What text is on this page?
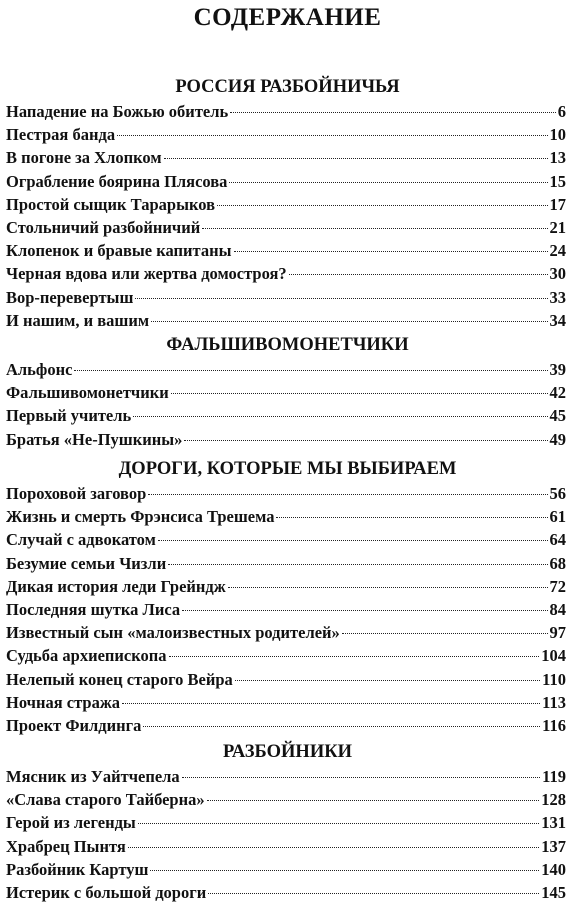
СОДЕРЖАНИЕ
РОССИЯ РАЗБОЙНИЧЬЯ
Нападение на Божью обитель	6
Пестрая банда	10
В погоне за Хлопком	13
Ограбление боярина Плясова	15
Простой сыщик Тарарыков	17
Стольничий разбойничий	21
Клопенок и бравые капитаны	24
Черная вдова или жертва домостроя?	30
Вор-перевертыш	33
И нашим, и вашим	34
ФАЛЬШИВОМОНЕТЧИКИ
Альфонс	39
Фальшивомонетчики	42
Первый учитель	45
Братья «Не-Пушкины»	49
ДОРОГИ, КОТОРЫЕ МЫ ВЫБИРАЕМ
Пороховой заговор	56
Жизнь и смерть Фрэнсиса Трешема	61
Случай с адвокатом	64
Безумие семьи Чизли	68
Дикая история леди Грейндж	72
Последняя шутка Лиса	84
Известный сын «малоизвестных родителей»	97
Судьба архиепископа	104
Нелепый конец старого Вейра	110
Ночная стража	113
Проект Филдинга	116
РАЗБОЙНИКИ
Мясник из Уайтчепела	119
«Слава старого Тайберна»	128
Герой из легенды	131
Храбрец Пынтя	137
Разбойник Картуш	140
Истерик с большой дороги	145
